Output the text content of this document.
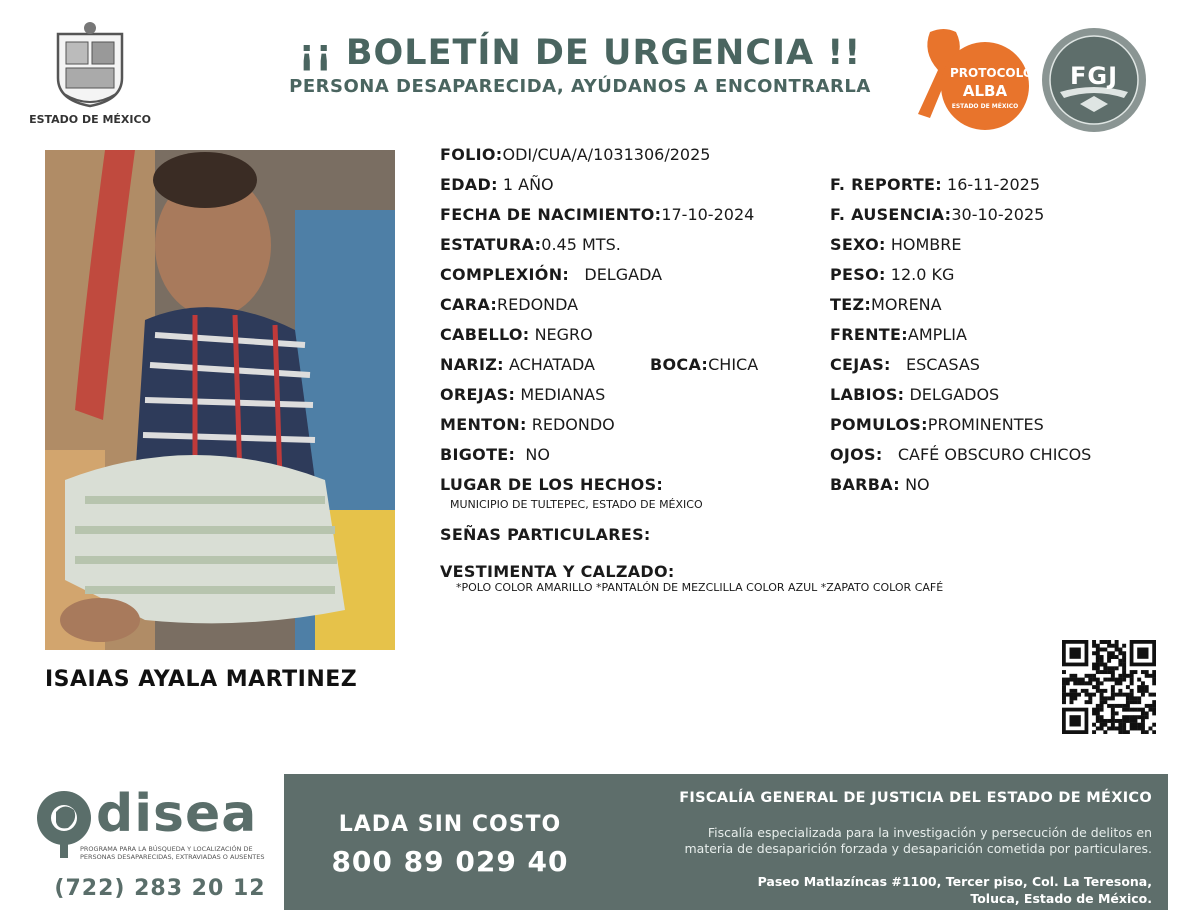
ESTADO DE MÉXICO
¡¡ BOLETÍN DE URGENCIA !!
PERSONA DESAPARECIDA, AYÚDANOS A ENCONTRARLA
PROTOCOLO
ALBA
ESTADO DE MÉXICO
FGJ
ISAIAS AYALA MARTINEZ
FOLIO:ODI/CUA/A/1031306/2025
EDAD: 1 AÑO
FECHA DE NACIMIENTO:17-10-2024
ESTATURA:0.45 MTS.
COMPLEXIÓN: DELGADA
CARA:REDONDA
CABELLO: NEGRO
NARIZ: ACHATADA	BOCA:CHICA
OREJAS: MEDIANAS
MENTON: REDONDO
BIGOTE: NO
LUGAR DE LOS HECHOS:
MUNICIPIO DE TULTEPEC, ESTADO DE MÉXICO
SEÑAS PARTICULARES:
VESTIMENTA Y CALZADO:
*POLO COLOR AMARILLO *PANTALÓN DE MEZCLILLA COLOR AZUL *ZAPATO COLOR CAFÉ
F. REPORTE: 16-11-2025
F. AUSENCIA:30-10-2025
SEXO: HOMBRE
PESO: 12.0 KG
TEZ:MORENA
FRENTE:AMPLIA
CEJAS: ESCASAS
LABIOS: DELGADOS
POMULOS:PROMINENTES
OJOS: CAFÉ OBSCURO CHICOS
BARBA: NO
disea
PROGRAMA PARA LA BÚSQUEDA Y LOCALIZACIÓN DE PERSONAS DESAPARECIDAS, EXTRAVIADAS O AUSENTES
(722) 283 20 12
LADA SIN COSTO
800 89 029 40
FISCALÍA GENERAL DE JUSTICIA DEL ESTADO DE MÉXICO
Fiscalía especializada para la investigación y persecución de delitos en
materia de desaparición forzada y desaparición cometida por particulares.
Paseo Matlazíncas #1100, Tercer piso, Col. La Teresona,
Toluca, Estado de México.
